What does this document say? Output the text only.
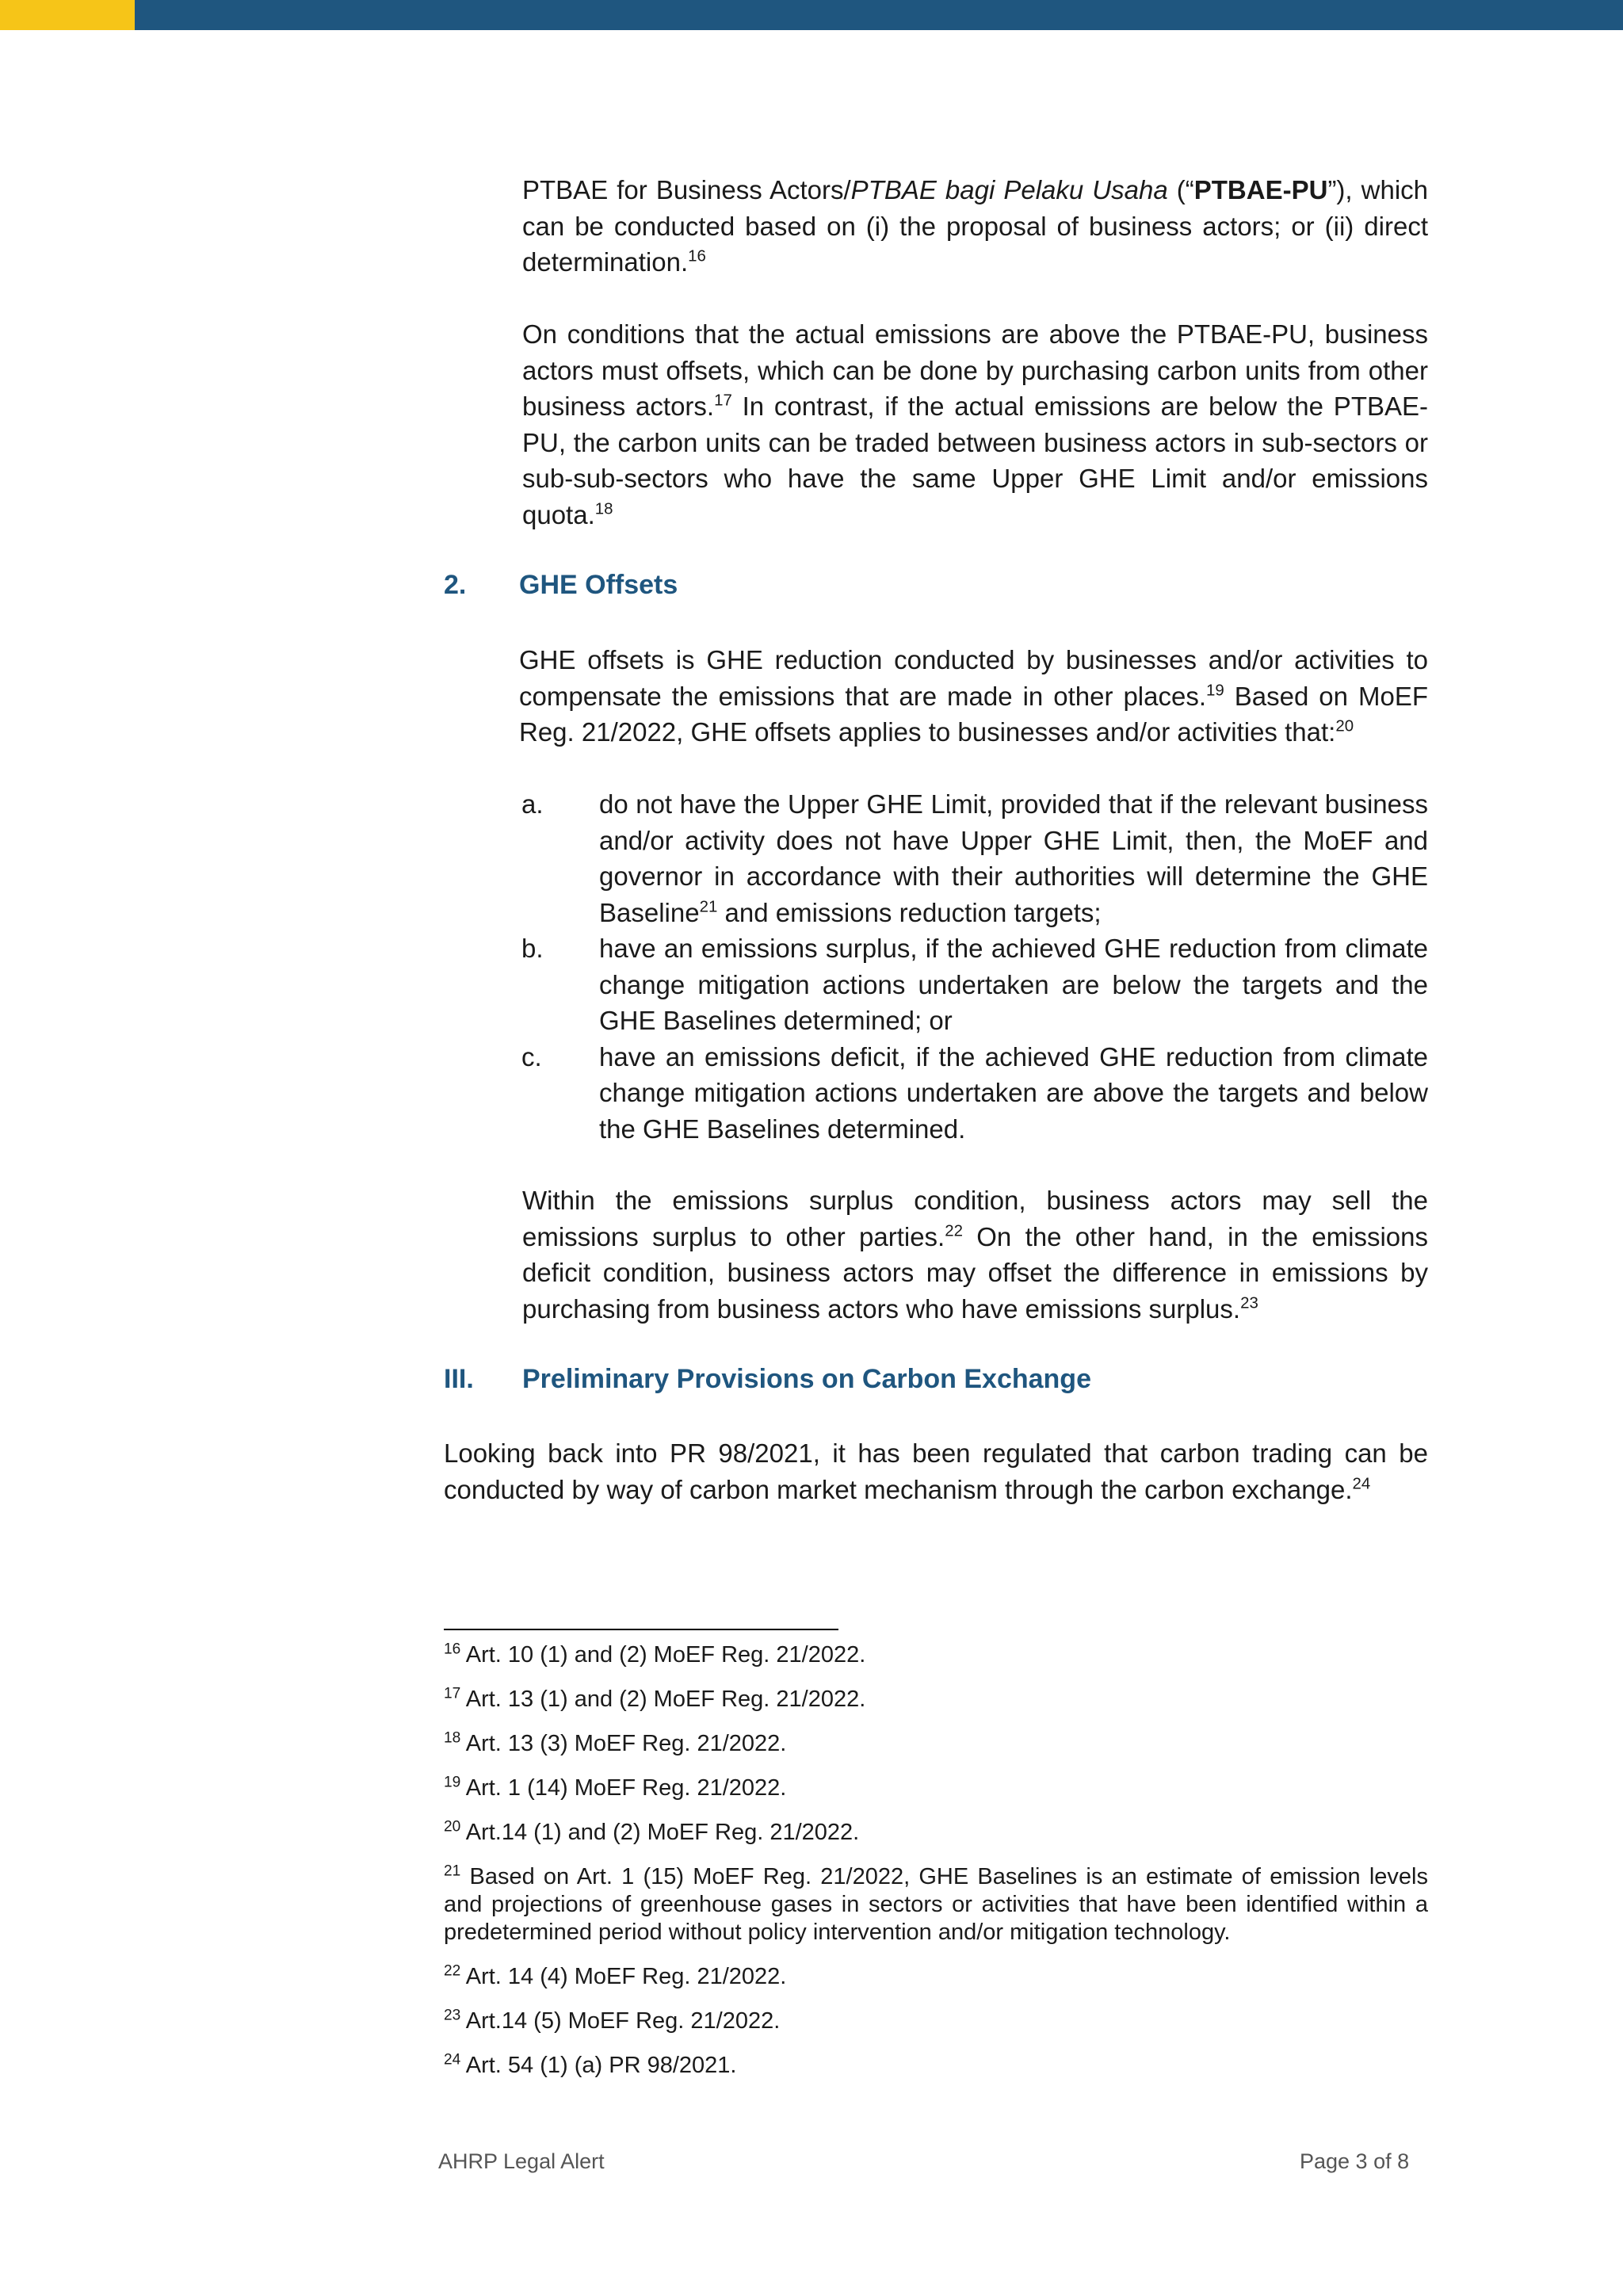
PTBAE for Business Actors/PTBAE bagi Pelaku Usaha (“PTBAE-PU”), which can be conducted based on (i) the proposal of business actors; or (ii) direct determination.$^{16}$

On conditions that the actual emissions are above the PTBAE-PU, business actors must offsets, which can be done by purchasing carbon units from other business actors.$^{17}$ In contrast, if the actual emissions are below the PTBAE-PU, the carbon units can be traded between business actors in sub-sectors or sub-sub-sectors who have the same Upper GHE Limit and/or emissions quota.$^{18}$

2. GHE Offsets

GHE offsets is GHE reduction conducted by businesses and/or activities to compensate the emissions that are made in other places.$^{19}$ Based on MoEF Reg. 21/2022, GHE offsets applies to businesses and/or activities that:$^{20}$

a. do not have the Upper GHE Limit, provided that if the relevant business and/or activity does not have Upper GHE Limit, then, the MoEF and governor in accordance with their authorities will determine the GHE Baseline$^{21}$ and emissions reduction targets;
b. have an emissions surplus, if the achieved GHE reduction from climate change mitigation actions undertaken are below the targets and the GHE Baselines determined; or
c. have an emissions deficit, if the achieved GHE reduction from climate change mitigation actions undertaken are above the targets and below the GHE Baselines determined.

Within the emissions surplus condition, business actors may sell the emissions surplus to other parties.$^{22}$ On the other hand, in the emissions deficit condition, business actors may offset the difference in emissions by purchasing from business actors who have emissions surplus.$^{23}$

III. Preliminary Provisions on Carbon Exchange

Looking back into PR 98/2021, it has been regulated that carbon trading can be conducted by way of carbon market mechanism through the carbon exchange.$^{24}$

$^{16}$ Art. 10 (1) and (2) MoEF Reg. 21/2022.

$^{17}$ Art. 13 (1) and (2) MoEF Reg. 21/2022.

$^{18}$ Art. 13 (3) MoEF Reg. 21/2022.

$^{19}$ Art. 1 (14) MoEF Reg. 21/2022.

$^{20}$ Art.14 (1) and (2) MoEF Reg. 21/2022.

$^{21}$ Based on Art. 1 (15) MoEF Reg. 21/2022, GHE Baselines is an estimate of emission levels and projections of greenhouse gases in sectors or activities that have been identified within a predetermined period without policy intervention and/or mitigation technology.

$^{22}$ Art. 14 (4) MoEF Reg. 21/2022.

$^{23}$ Art.14 (5) MoEF Reg. 21/2022.

$^{24}$ Art. 54 (1) (a) PR 98/2021.

AHRP Legal Alert	Page 3 of 8
